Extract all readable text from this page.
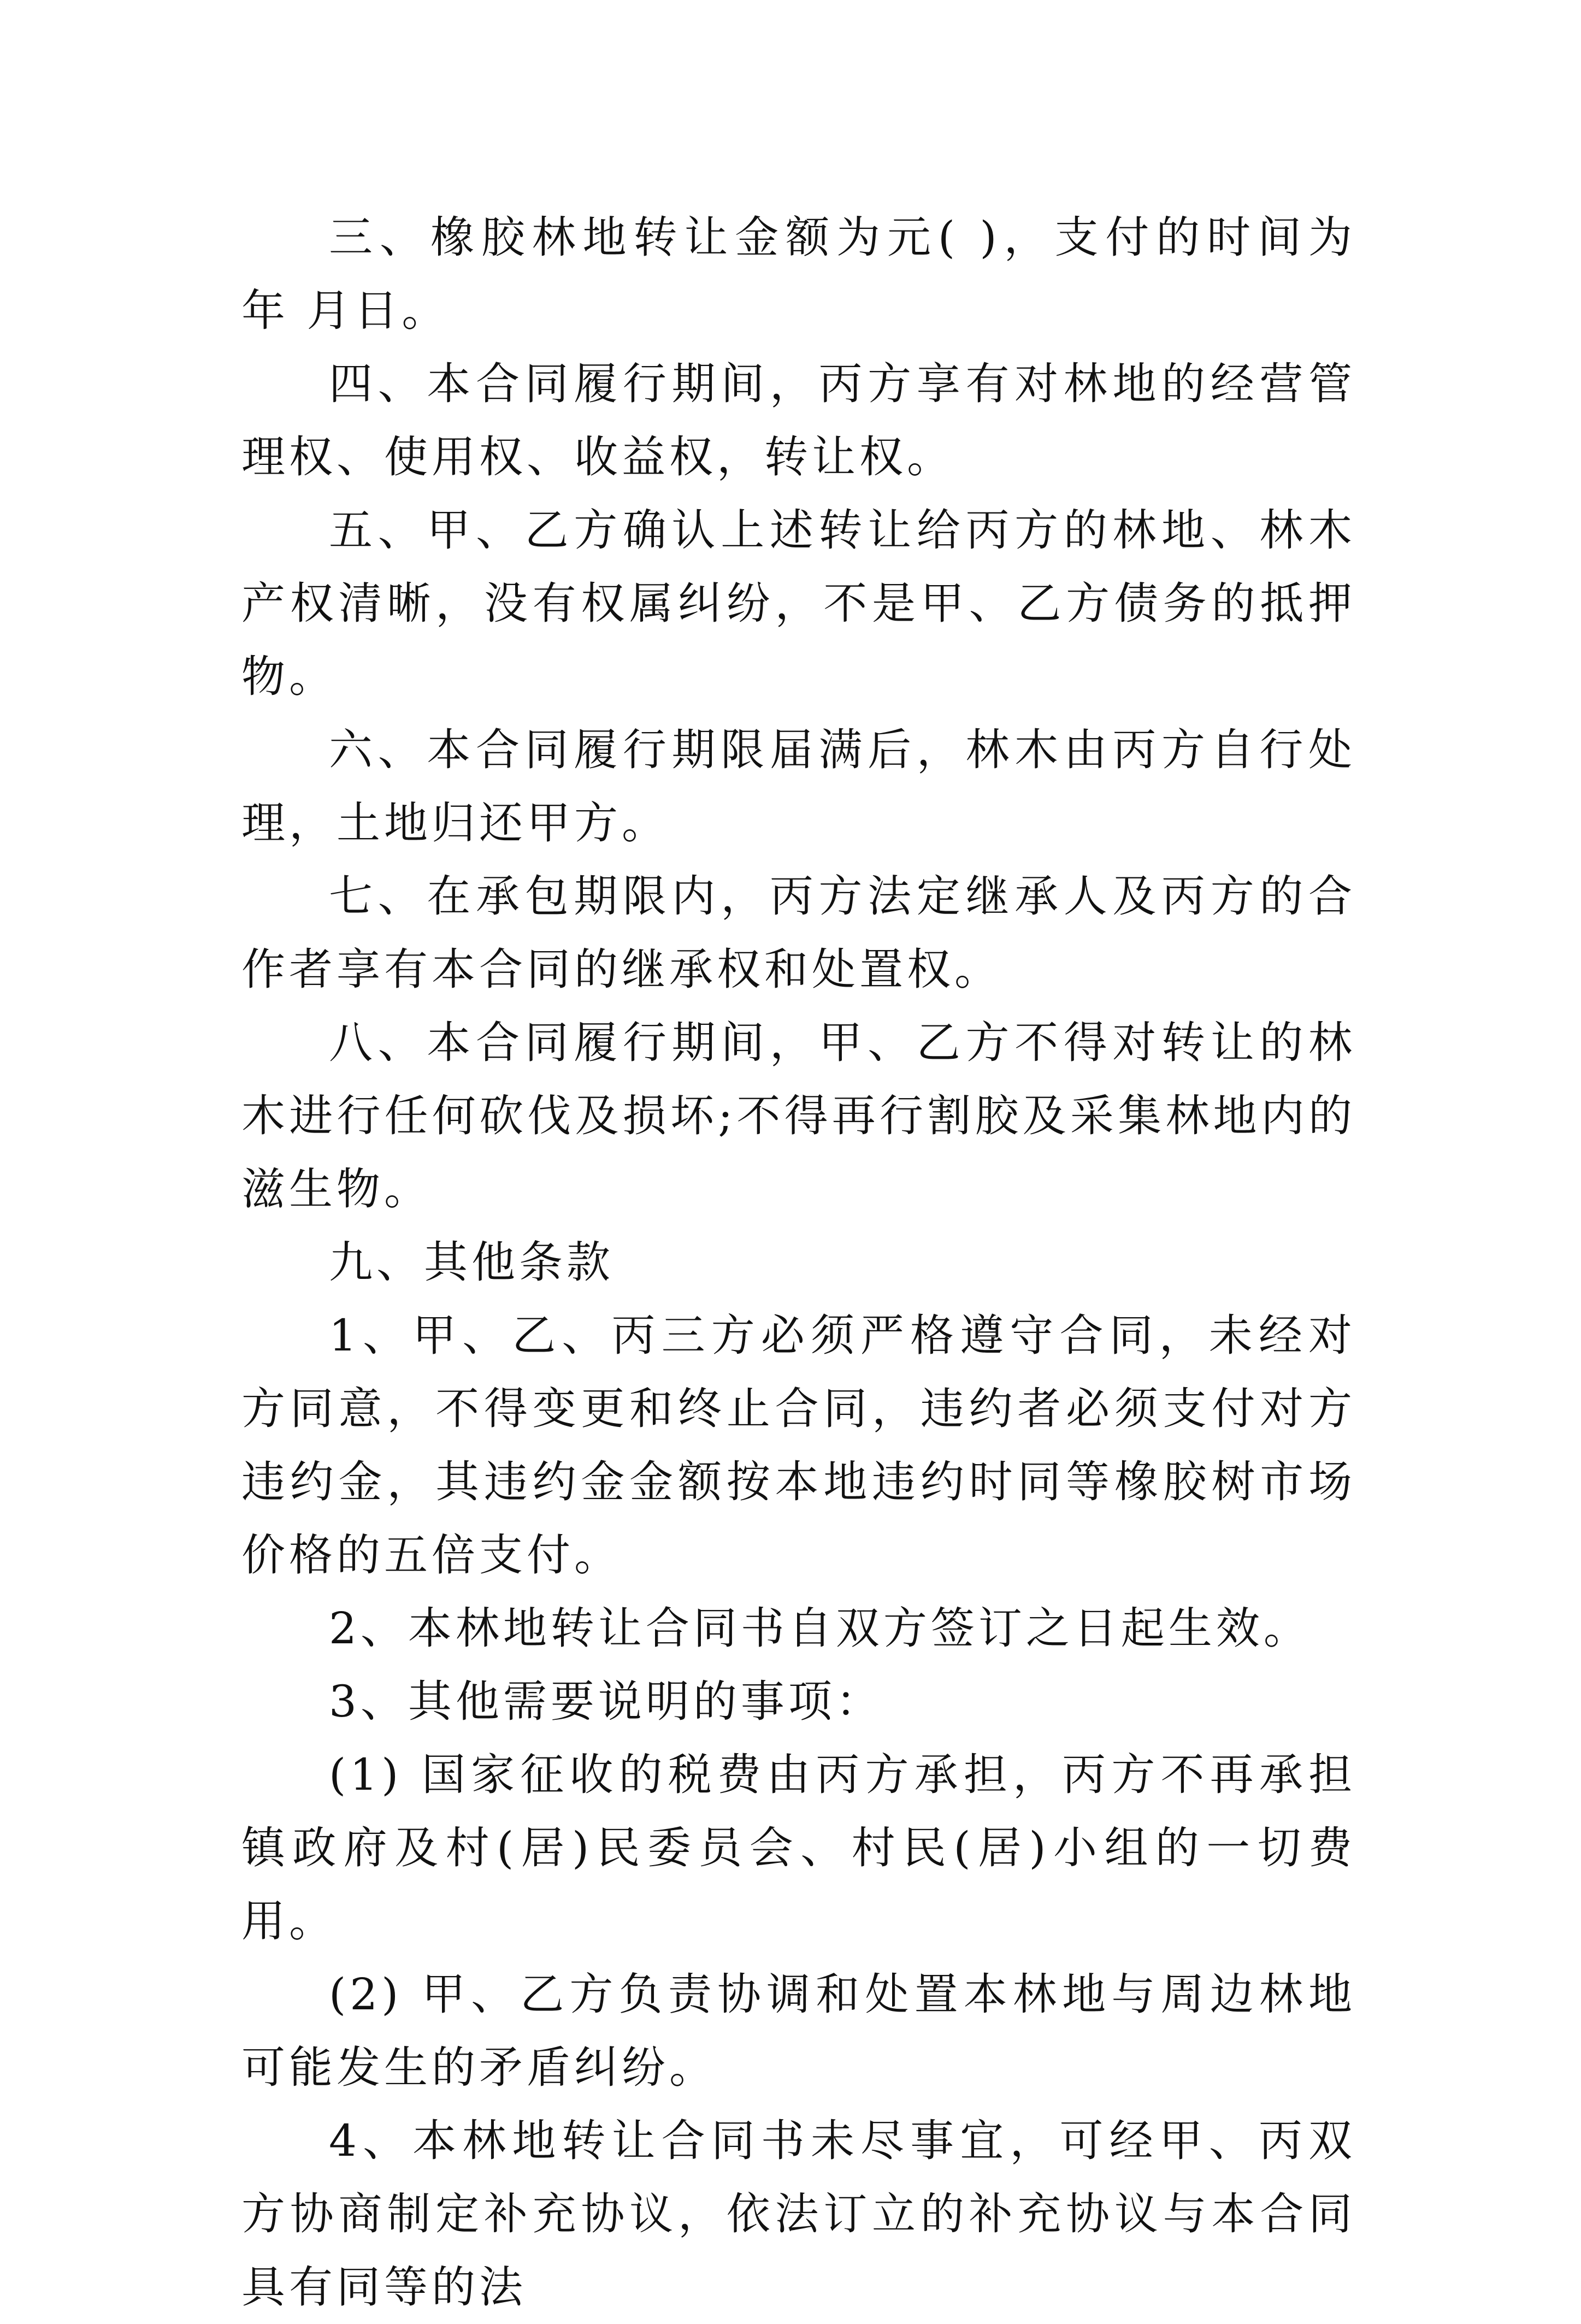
三、橡胶林地转让金额为元( )，支付的时间为 年 月日。

四、本合同履行期间，丙方享有对林地的经营管理权、使用权、收益权，转让权。

五、甲、乙方确认上述转让给丙方的林地、林木产权清晰，没有权属纠纷，不是甲、乙方债务的抵押物。

六、本合同履行期限届满后，林木由丙方自行处理，土地归还甲方。

七、在承包期限内，丙方法定继承人及丙方的合作者享有本合同的继承权和处置权。

八、本合同履行期间，甲、乙方不得对转让的林木进行任何砍伐及损坏;不得再行割胶及采集林地内的滋生物。

九、其他条款

1、甲、乙、丙三方必须严格遵守合同，未经对方同意，不得变更和终止合同，违约者必须支付对方违约金，其违约金金额按本地违约时同等橡胶树市场价格的五倍支付。

2、本林地转让合同书自双方签订之日起生效。

3、其他需要说明的事项：

(1) 国家征收的税费由丙方承担，丙方不再承担镇政府及村(居)民委员会、村民(居)小组的一切费用。

(2) 甲、乙方负责协调和处置本林地与周边林地可能发生的矛盾纠纷。

4、本林地转让合同书未尽事宜，可经甲、丙双方协商制定补充协议，依法订立的补充协议与本合同具有同等的法
